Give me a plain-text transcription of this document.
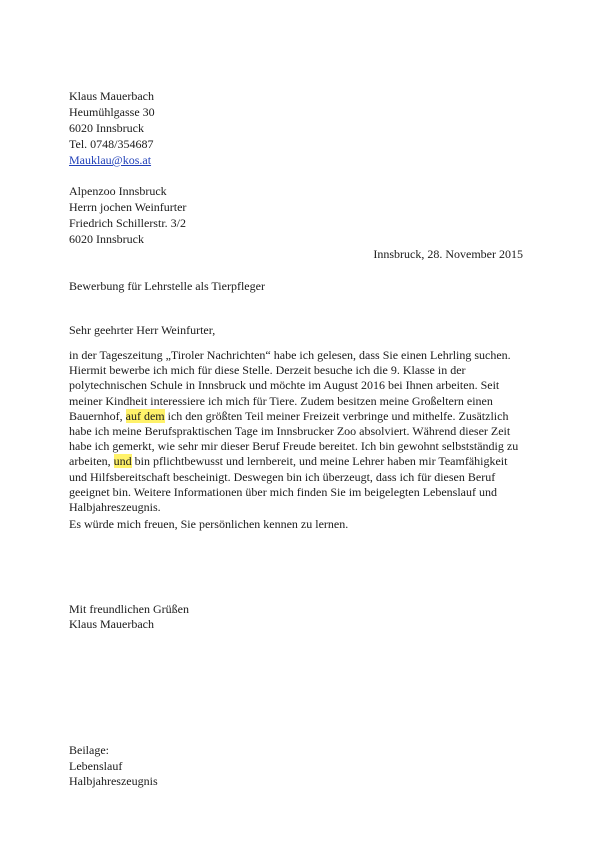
Klaus Mauerbach
Heumühlgasse 30
6020 Innsbruck
Tel. 0748/354687
Mauklau@kos.at
Alpenzoo Innsbruck
Herrn jochen Weinfurter
Friedrich Schillerstr. 3/2
6020 Innsbruck
Innsbruck, 28. November 2015
Bewerbung für Lehrstelle als Tierpfleger
Sehr geehrter Herr Weinfurter,
in der Tageszeitung „Tiroler Nachrichten“ habe ich gelesen, dass Sie einen Lehrling suchen.
Hiermit bewerbe ich mich für diese Stelle. Derzeit besuche ich die 9. Klasse in der
polytechnischen Schule in Innsbruck und möchte im August 2016 bei Ihnen arbeiten. Seit
meiner Kindheit interessiere ich mich für Tiere. Zudem besitzen meine Großeltern einen
Bauernhof, auf dem ich den größten Teil meiner Freizeit verbringe und mithelfe. Zusätzlich
habe ich meine Berufspraktischen Tage im Innsbrucker Zoo absolviert. Während dieser Zeit
habe ich gemerkt, wie sehr mir dieser Beruf Freude bereitet. Ich bin gewohnt selbstständig zu
arbeiten, und bin pflichtbewusst und lernbereit, und meine Lehrer haben mir Teamfähigkeit
und Hilfsbereitschaft bescheinigt. Deswegen bin ich überzeugt, dass ich für diesen Beruf
geeignet bin. Weitere Informationen über mich finden Sie im beigelegten Lebenslauf und
Halbjahreszeugnis.
Es würde mich freuen, Sie persönlichen kennen zu lernen.
Mit freundlichen Grüßen
Klaus Mauerbach
Beilage:
Lebenslauf
Halbjahreszeugnis
